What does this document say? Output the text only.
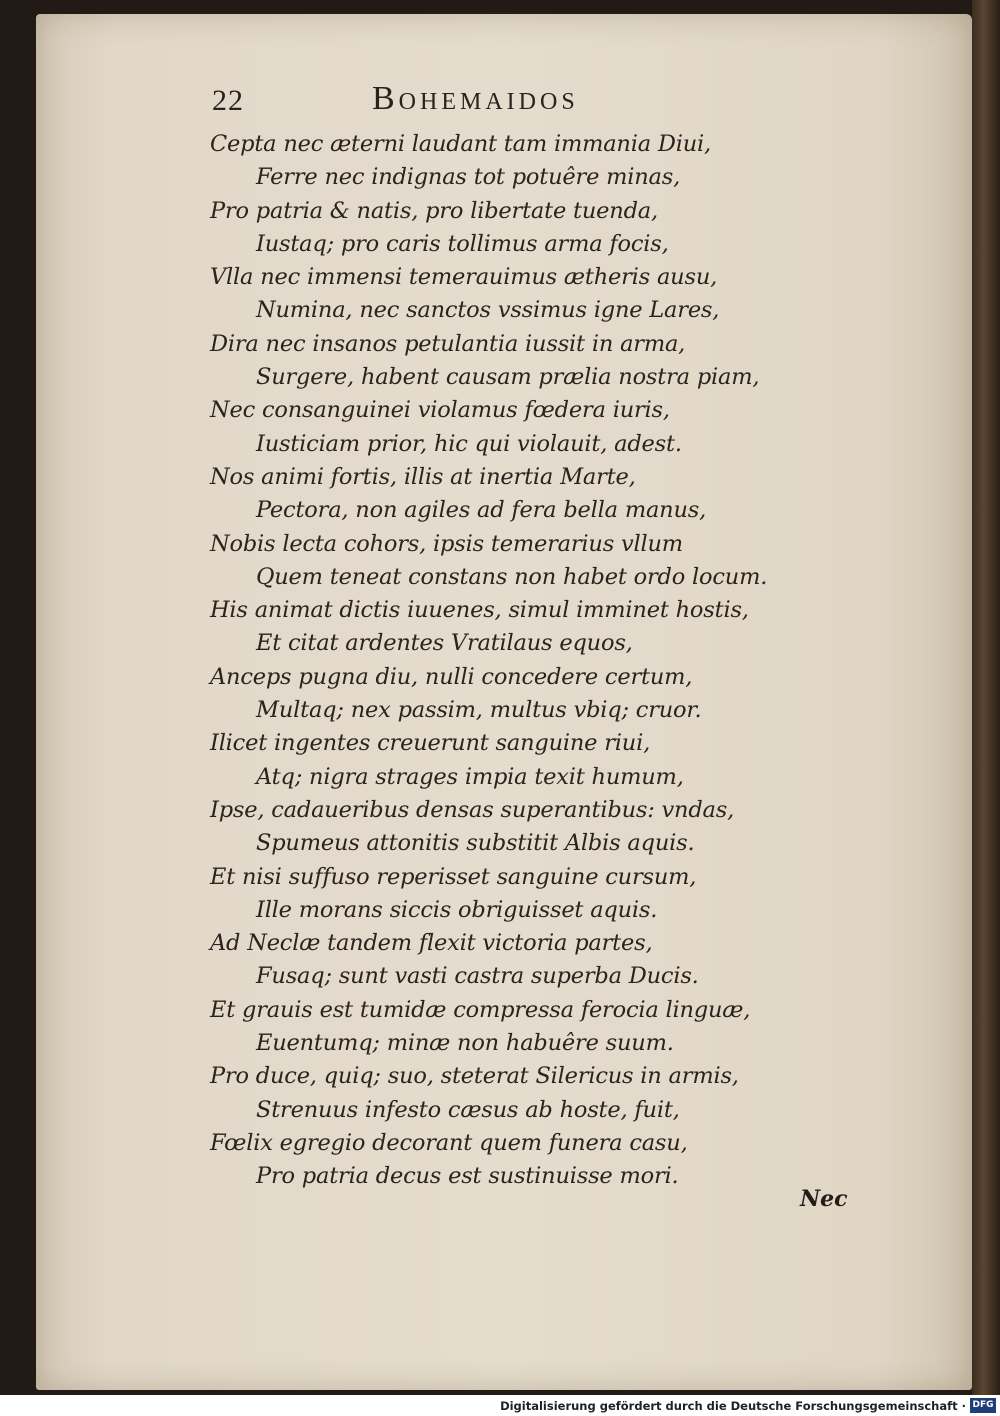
22	Bohemaidos
Cepta nec æterni laudant tam immania Diui,
Ferre nec indignas tot potuêre minas,
Pro patria & natis, pro libertate tuenda,
Iustaq; pro caris tollimus arma focis,
Vlla nec immensi temerauimus ætheris ausu,
Numina, nec sanctos vssimus igne Lares,
Dira nec insanos petulantia iussit in arma,
Surgere, habent causam prælia nostra piam,
Nec consanguinei violamus fœdera iuris,
Iusticiam prior, hic qui violauit, adest.
Nos animi fortis, illis at inertia Marte,
Pectora, non agiles ad fera bella manus,
Nobis lecta cohors, ipsis temerarius vllum
Quem teneat constans non habet ordo locum.
His animat dictis iuuenes, simul imminet hostis,
Et citat ardentes Vratilaus equos,
Anceps pugna diu, nulli concedere certum,
Multaq; nex passim, multus vbiq; cruor.
Ilicet ingentes creuerunt sanguine riui,
Atq; nigra strages impia texit humum,
Ipse, cadaueribus densas superantibus: vndas,
Spumeus attonitis substitit Albis aquis.
Et nisi suffuso reperisset sanguine cursum,
Ille morans siccis obriguisset aquis.
Ad Neclæ tandem flexit victoria partes,
Fusaq; sunt vasti castra superba Ducis.
Et grauis est tumidæ compressa ferocia linguæ,
Euentumq; minæ non habuêre suum.
Pro duce, quiq; suo, steterat Silericus in armis,
Strenuus infesto cæsus ab hoste, fuit,
Fœlix egregio decorant quem funera casu,
Pro patria decus est sustinuisse mori.
Nec
Digitalisierung gefördert durch die Deutsche Forschungsgemeinschaft · DFG
